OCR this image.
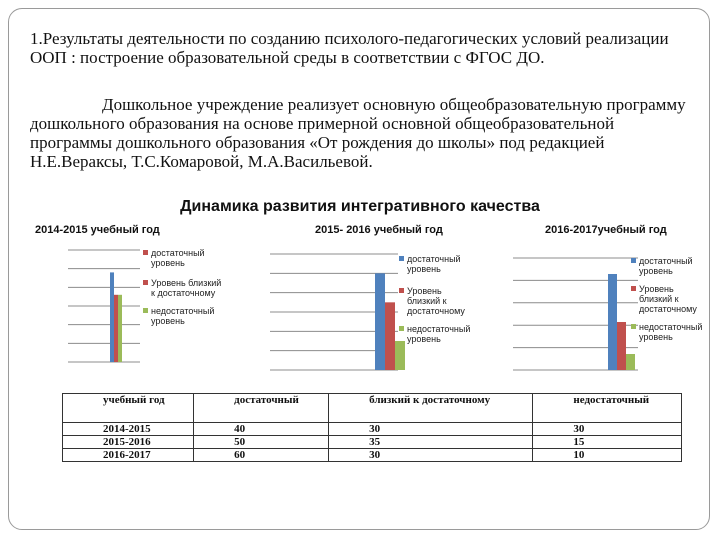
1.Результаты деятельности по созданию психолого-педагогических условий реализации ООП : построение образовательной среды в соответствии с ФГОС ДО.

Дошкольное учреждение реализует основную общеобразовательную программу дошкольного образования на основе примерной основной общеобразовательной программы дошкольного образования «От рождения до школы» под редакцией Н.Е.Вераксы, Т.С.Комаровой, М.А.Васильевой.

Динамика развития интегративного качества
2014-2015 учебный год
достаточный уровень
Уровень близкий к достаточному
недостаточный уровень
2015- 2016 учебный год
достаточный уровень
Уровень близкий к достаточному
недостаточный уровень
2016-2017учебный год
достаточный уровень
Уровень близкий к достаточному
недостаточный уровень
учебный год	достаточный	близкий к достаточному	недостаточный
2014-2015	40	30	30
2015-2016	50	35	15
2016-2017	60	30	10
